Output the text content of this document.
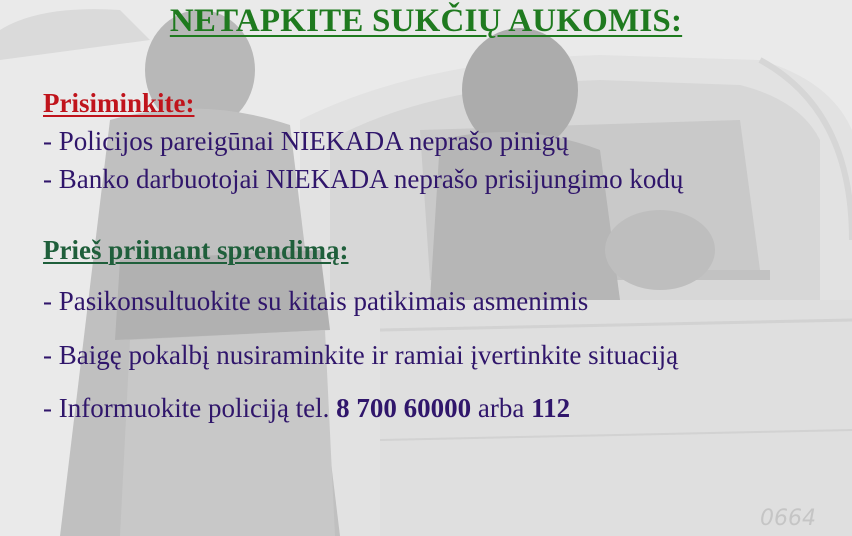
0664
NETAPKITE SUKČIŲ AUKOMIS:
Prisiminkite:
- Policijos pareigūnai NIEKADA neprašo pinigų
- Banko darbuotojai NIEKADA neprašo prisijungimo kodų
Prieš priimant sprendimą:
- Pasikonsultuokite su kitais patikimais asmenimis
- Baigę pokalbį nusiraminkite ir ramiai įvertinkite situaciją
- Informuokite policiją tel. 8 700 60000 arba 112
